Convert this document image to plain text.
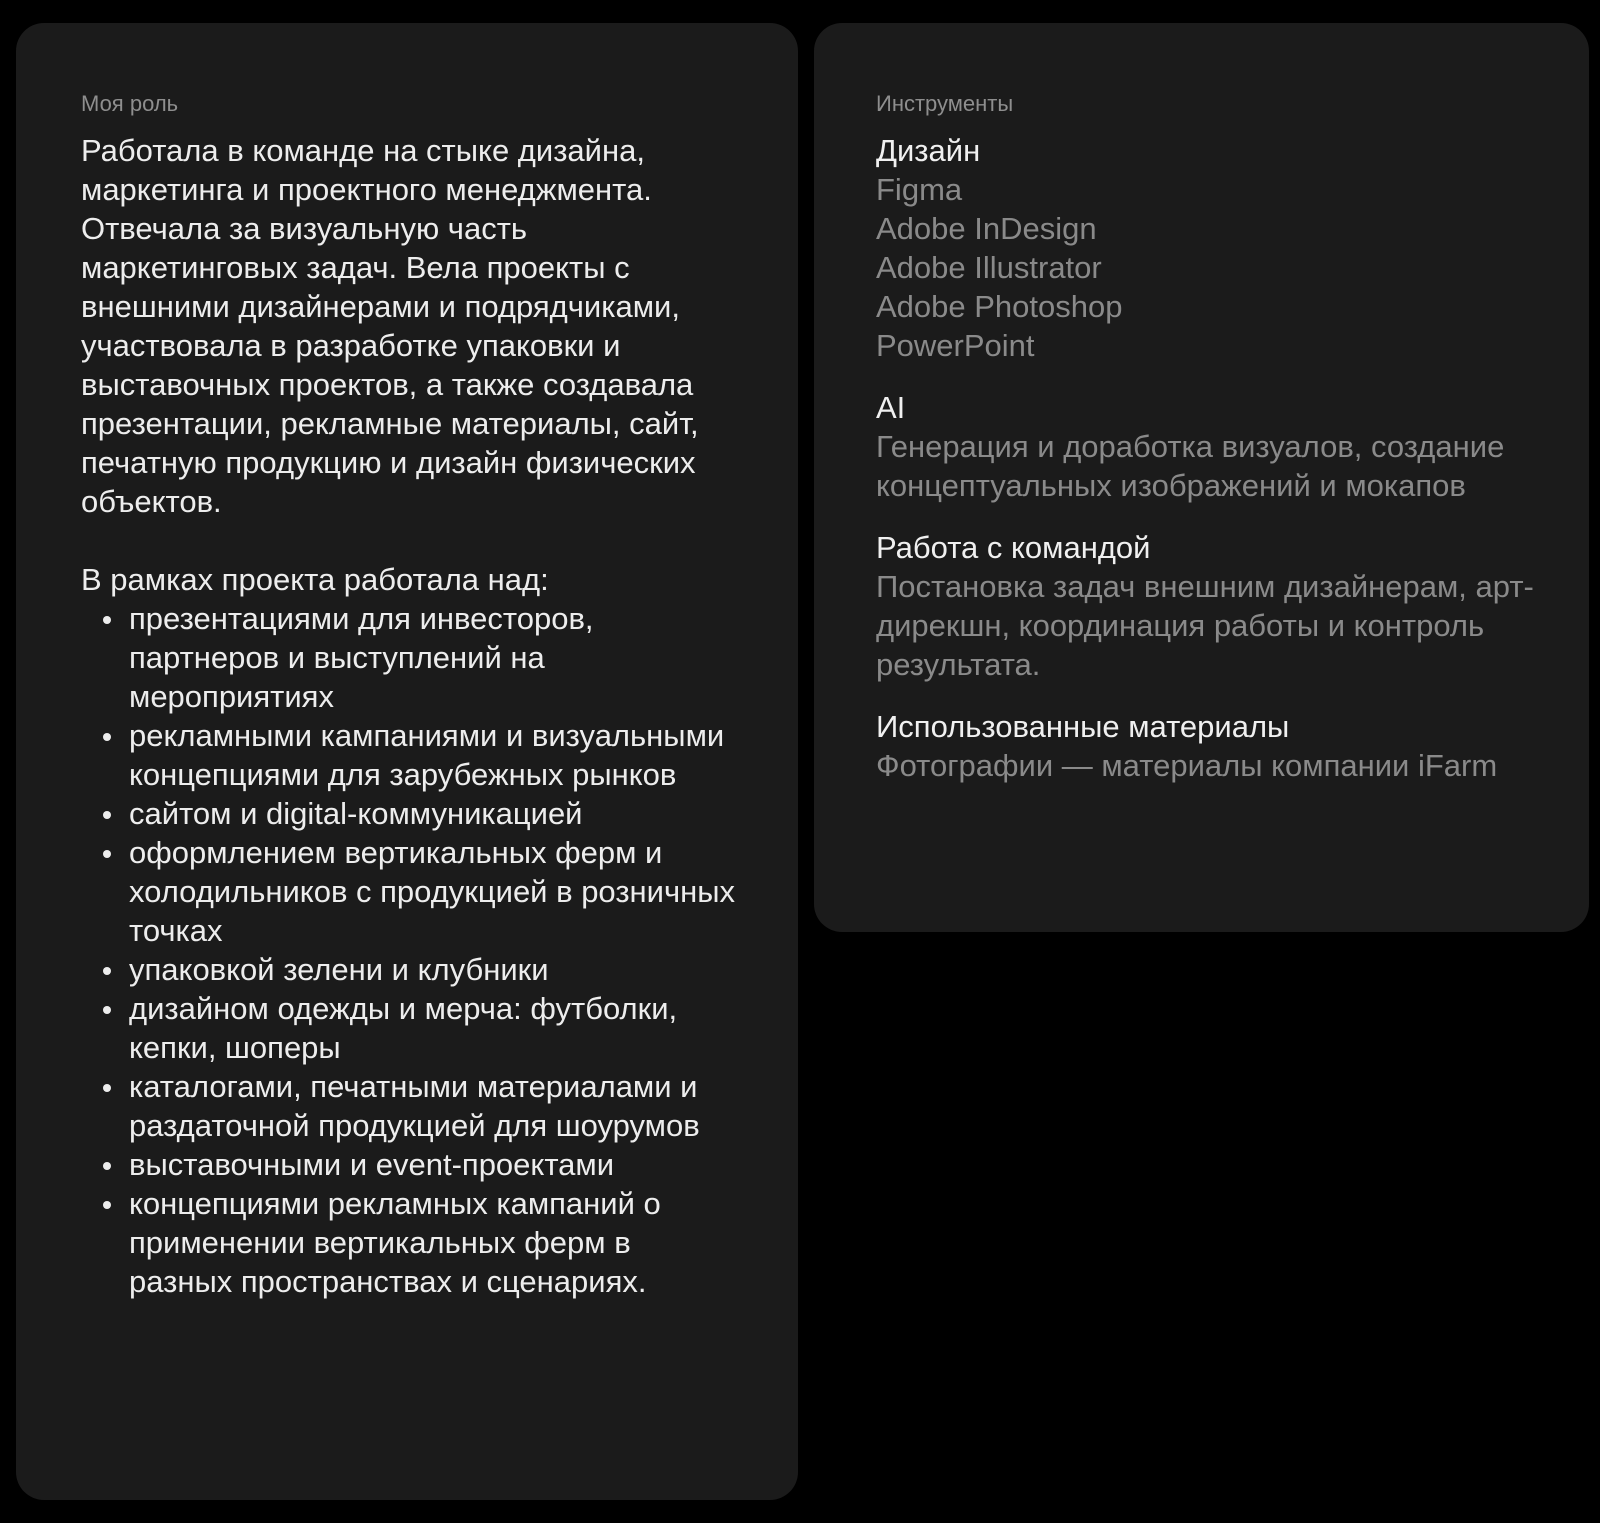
Моя роль

Работала в команде на стыке дизайна, маркетинга и проектного менеджмента. Отвечала за визуальную часть маркетинговых задач. Вела проекты с внешними дизайнерами и подрядчиками, участвовала в разработке упаковки и выставочных проектов, а также создавала презентации, рекламные материалы, сайт, печатную продукцию и дизайн физических объектов.

В рамках проекта работала над:
презентациями для инвесторов, партнеров и выступлений на мероприятиях
рекламными кампаниями и визуальными концепциями для зарубежных рынков
сайтом и digital-коммуникацией
оформлением вертикальных ферм и холодильников с продукцией в розничных точках
упаковкой зелени и клубники
дизайном одежды и мерча: футболки, кепки, шоперы
каталогами, печатными материалами и раздаточной продукцией для шоурумов
выставочными и event-проектами
концепциями рекламных кампаний о применении вертикальных ферм в разных пространствах и сценариях.
Инструменты
Дизайн
Figma
Adobe InDesign
Adobe Illustrator
Adobe Photoshop
PowerPoint
AI

Генерация и доработка визуалов, создание концептуальных изображений и мокапов

Работа с командой

Постановка задач внешним дизайнерам, арт-дирекшн, координация работы и контроль результата.

Использованные материалы

Фотографии — материалы компании iFarm
